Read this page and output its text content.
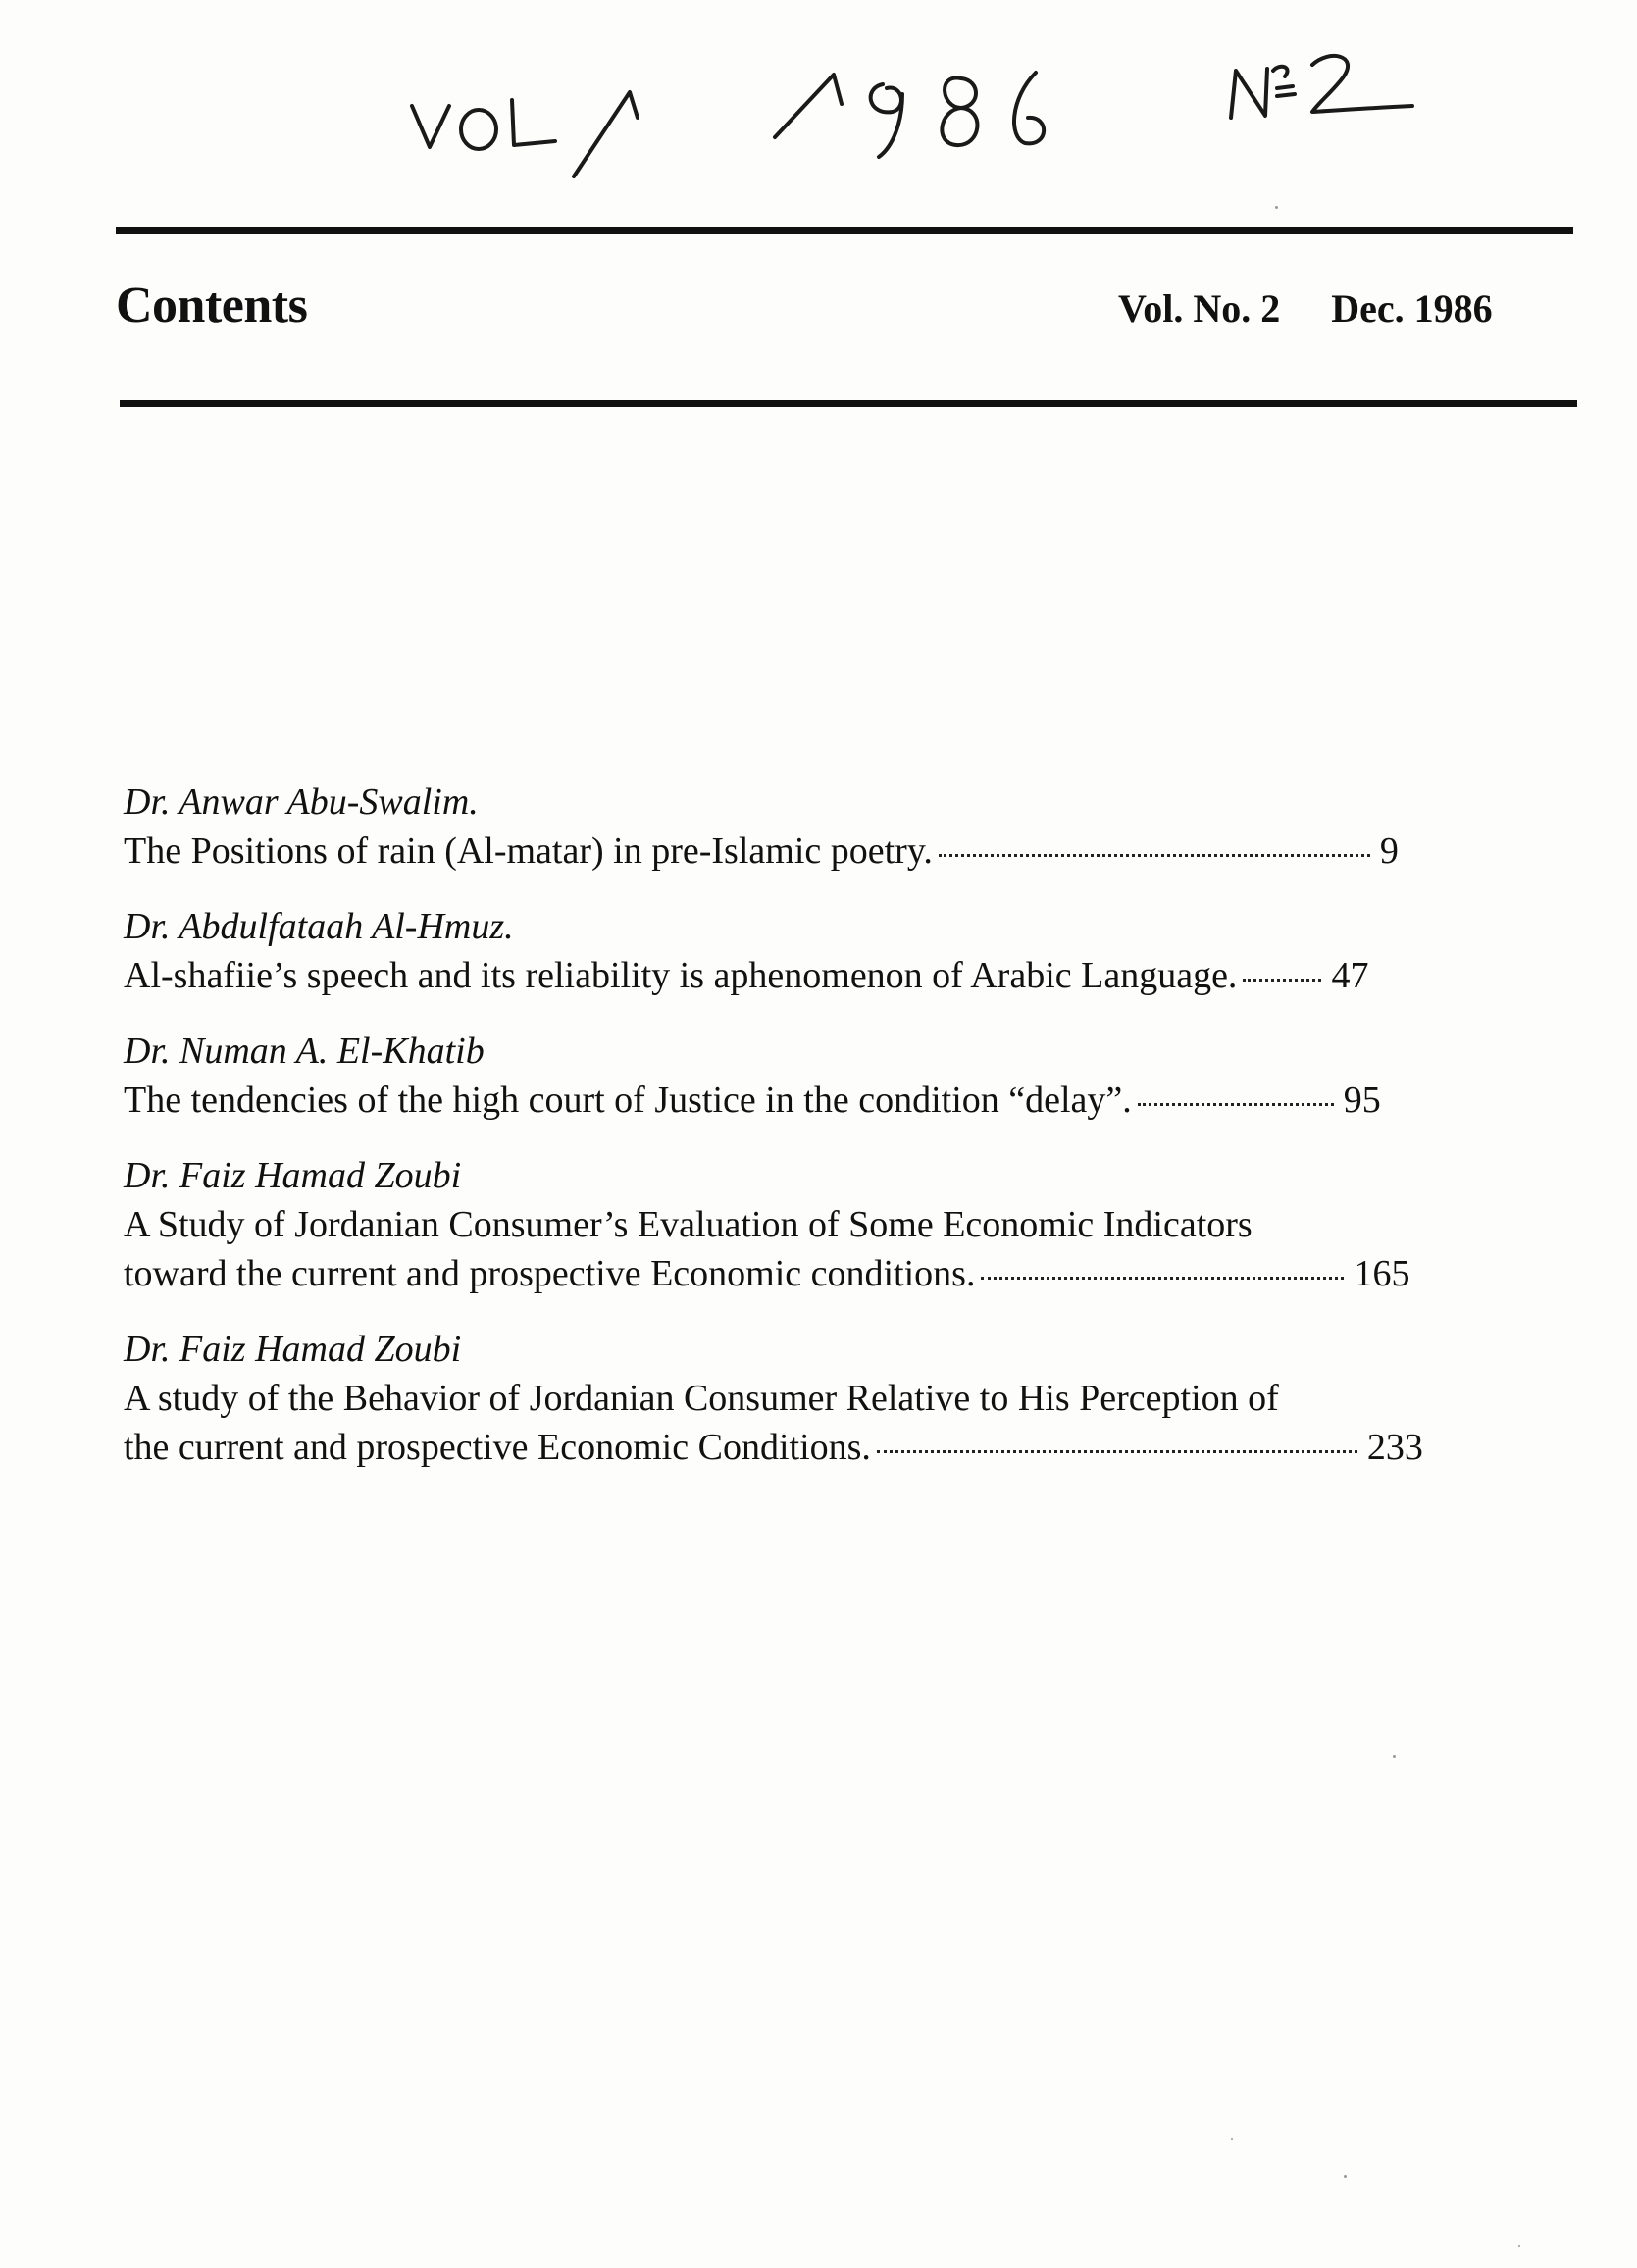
Contents	Vol. No. 2 Dec. 1986
Dr. Anwar Abu-Swalim.
The Positions of rain (Al-matar) in pre-Islamic poetry.	9
Dr. Abdulfataah Al-Hmuz.
Al-shafiie’s speech and its reliability is aphenomenon of Arabic Language.	47
Dr. Numan A. El-Khatib
The tendencies of the high court of Justice in the condition “delay”.	95
Dr. Faiz Hamad Zoubi
A Study of Jordanian Consumer’s Evaluation of Some Economic Indicators
toward the current and prospective Economic conditions.	165
Dr. Faiz Hamad Zoubi
A study of the Behavior of Jordanian Consumer Relative to His Perception of
the current and prospective Economic Conditions.	233
